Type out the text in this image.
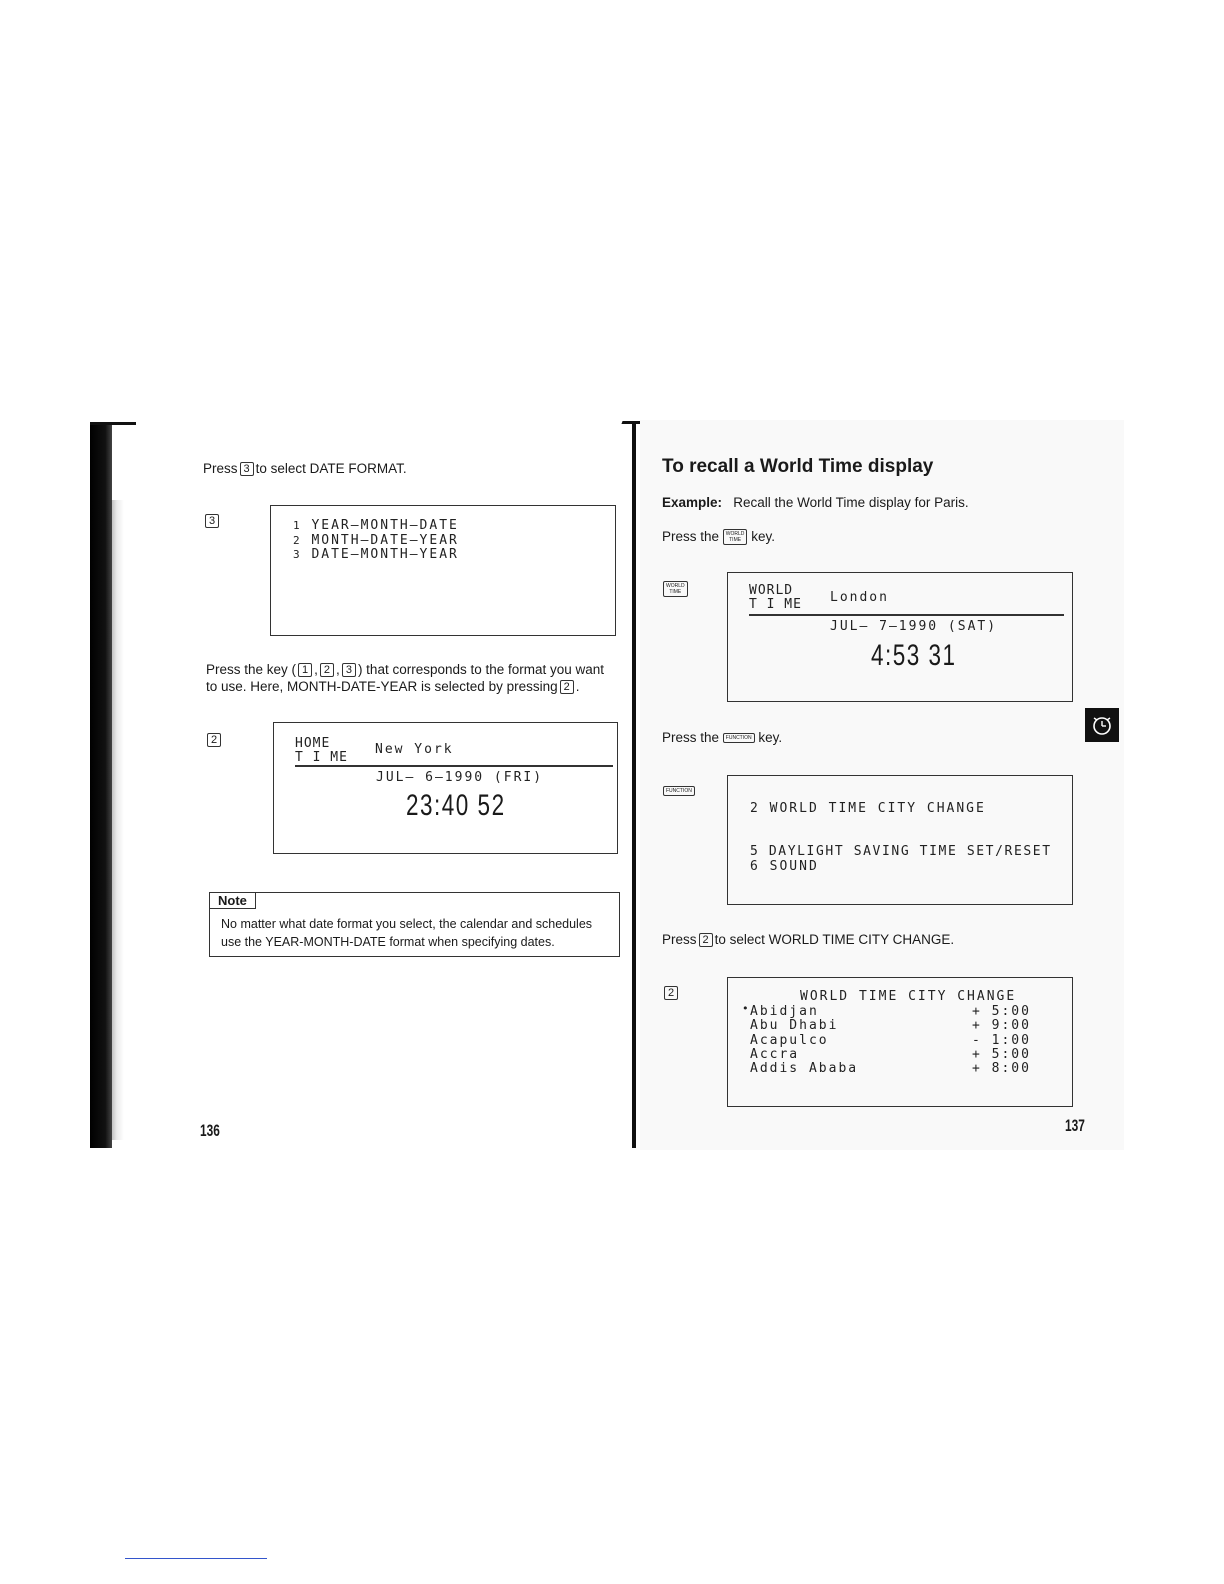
Press 3 to select DATE FORMAT.
3	1 YEAR—MONTH—DATE
2 MONTH—DATE—YEAR
3 DATE—MONTH—YEAR
Press the key ( 1 , 2 , 3 ) that corresponds to the format you want
to use. Here, MONTH-DATE-YEAR is selected by pressing 2 .
2	HOME
T I ME
New York
JUL— 6—1990 (FRI)
23:40 52
Note
No matter what date format you select, the calendar and schedules
use the YEAR-MONTH-DATE format when specifying dates.
136
To recall a World Time display
Example: Recall the World Time display for Paris.
Press the WORLD
TIME key.
WORLD
TIME	WORLD
T I ME London
JUL— 7—1990 (SAT)
4:53 31
Press the FUNCTION key.
FUNCTION
2 WORLD TIME CITY CHANGE
5 DAYLIGHT SAVING TIME SET/RESET
6 SOUND
Press 2 to select WORLD TIME CITY CHANGE.
2	WORLD TIME CITY CHANGE
• Abidjan	+ 5:00
Abu Dhabi	+ 9:00
Acapulco	- 1:00
Accra	+ 5:00
Addis Ababa	+ 8:00
137
